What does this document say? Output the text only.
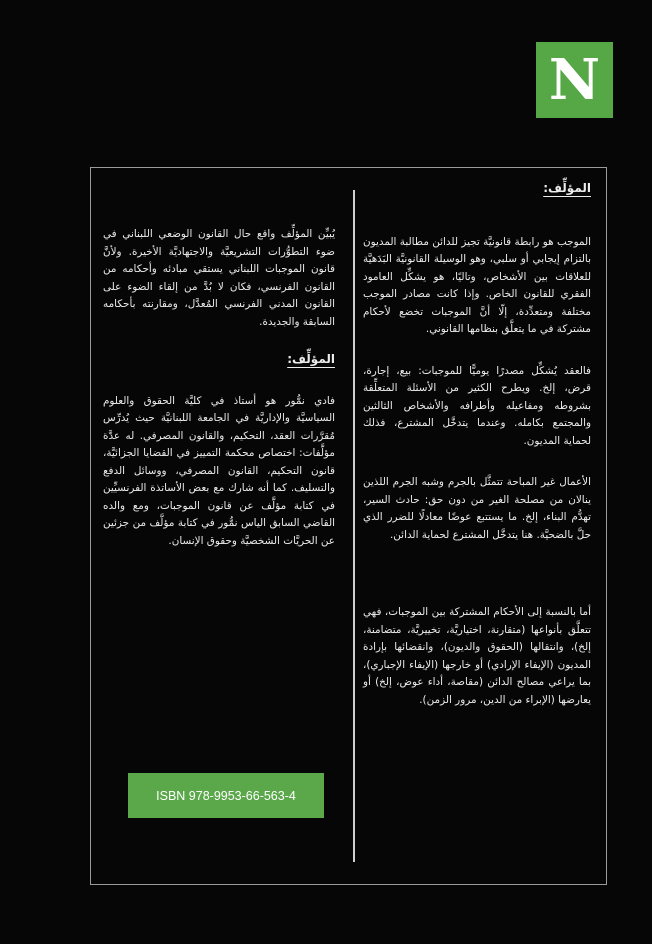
N
المؤلِّف:

الموجب هو رابطة قانونيَّة تجيز للدائن مطالبة المديون بالتزام إيجابي أو سلبي، وهو الوسيلة القانونيَّة البَدَهيَّة للعلاقات بين الأشخاص، وتاليًا، هو يشكِّل العامود الفقري للقانون الخاص. وإذا كانت مصادر الموجب مختلفة ومتعدِّدة، إلّا أنَّ الموجبات تخضع لأحكام مشتركة في ما يتعلَّق بنظامها القانوني.

فالعقد يُشكِّل مصدرًا يوميًّا للموجبات: بيع، إجارة، قرض، إلخ. ويطرح الكثير من الأسئلة المتعلِّقة بشروطه ومفاعيله وأطرافه والأشخاص الثالثين والمجتمع بكامله. وعندما يتدخَّل المشترع، فذلك لحماية المديون.

الأعمال غير المباحة تتمثَّل بالجرم وشبه الجرم اللذين ينالان من مصلحة الغير من دون حق: حادث السير، تهدُّم البناء، إلخ. ما يستتبع عوضًا معادلًا للضرر الذي حلَّ بالضحيَّة. هنا يتدخَّل المشترع لحماية الدائن.

أما بالنسبة إلى الأحكام المشتركة بين الموجبات، فهي تتعلَّق بأنواعها (متقارنة، اختياريَّة، تخييريَّة، متضامنة، إلخ)، وانتقالها (الحقوق والديون)، وانقضائها بإرادة المديون (الإيفاء الإرادي) أو خارجها (الإيفاء الإجباري)، بما يراعي مصالح الدائن (مقاصة، أداء عوض، إلخ) أو يعارضها (الإبراء من الدين، مرور الزمن).

يُبيِّن المؤلِّف واقع حال القانون الوضعي اللبناني في ضوء التطوُّرات التشريعيَّة والاجتهاديَّة الأخيرة. ولأنَّ قانون الموجبات اللبناني يستقي مبادئه وأحكامه من القانون الفرنسي، فكان لا بُدَّ من إلقاء الضوء على القانون المدني الفرنسي المُعدَّل، ومقارنته بأحكامه السابقة والجديدة.

المؤلِّف:

فادي نمُّور هو أستاذ في كليَّة الحقوق والعلوم السياسيَّة والإداريَّة في الجامعة اللبنانيَّة حيث يُدرِّس مُقرَّرات العقد، التحكيم، والقانون المصرفي. له عدَّة مؤلَّفات: اختصاص محكمة التمييز في القضايا الجزائيَّة، قانون التحكيم، القانون المصرفي، ووسائل الدفع والتسليف. كما أنه شارك مع بعض الأساتذة الفرنسيِّين في كتابة مؤلَّف عن قانون الموجبات، ومع والده القاضي السابق الياس نمُّور في كتابة مؤلَّف من جزئين عن الحريَّات الشخصيَّة وحقوق الإنسان.

ISBN 978-9953-66-563-4
